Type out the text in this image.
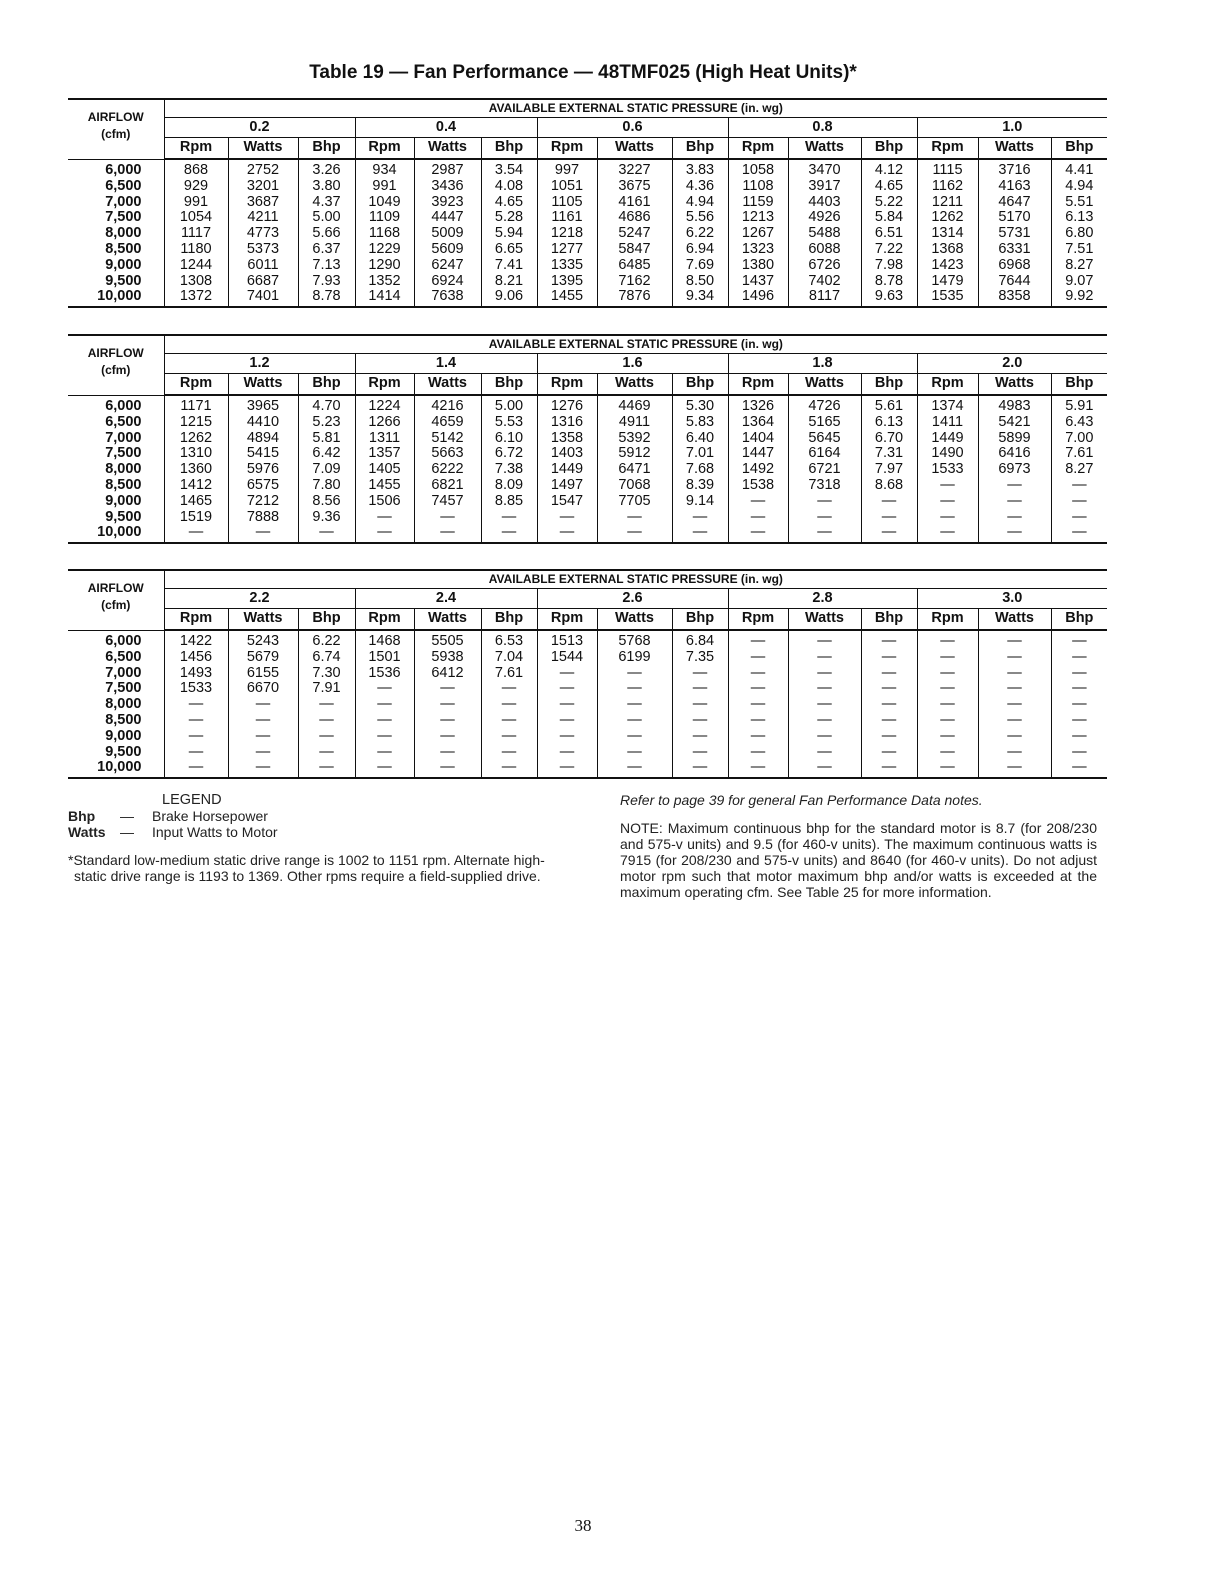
Table 19 — Fan Performance — 48TMF025 (High Heat Units)*
AIRFLOW
(cfm)	AVAILABLE EXTERNAL STATIC PRESSURE (in. wg)														
	0.2			0.4			0.6			0.8			1.0		
	Rpm	Watts	Bhp	Rpm	Watts	Bhp	Rpm	Watts	Bhp	Rpm	Watts	Bhp	Rpm	Watts	Bhp
6,000	868	2752	3.26	934	2987	3.54	997	3227	3.83	1058	3470	4.12	1115	3716	4.41
6,500	929	3201	3.80	991	3436	4.08	1051	3675	4.36	1108	3917	4.65	1162	4163	4.94
7,000	991	3687	4.37	1049	3923	4.65	1105	4161	4.94	1159	4403	5.22	1211	4647	5.51
7,500	1054	4211	5.00	1109	4447	5.28	1161	4686	5.56	1213	4926	5.84	1262	5170	6.13
8,000	1117	4773	5.66	1168	5009	5.94	1218	5247	6.22	1267	5488	6.51	1314	5731	6.80
8,500	1180	5373	6.37	1229	5609	6.65	1277	5847	6.94	1323	6088	7.22	1368	6331	7.51
9,000	1244	6011	7.13	1290	6247	7.41	1335	6485	7.69	1380	6726	7.98	1423	6968	8.27
9,500	1308	6687	7.93	1352	6924	8.21	1395	7162	8.50	1437	7402	8.78	1479	7644	9.07
10,000	1372	7401	8.78	1414	7638	9.06	1455	7876	9.34	1496	8117	9.63	1535	8358	9.92
AIRFLOW
(cfm)	AVAILABLE EXTERNAL STATIC PRESSURE (in. wg)														
	1.2			1.4			1.6			1.8			2.0		
	Rpm	Watts	Bhp	Rpm	Watts	Bhp	Rpm	Watts	Bhp	Rpm	Watts	Bhp	Rpm	Watts	Bhp
6,000	1171	3965	4.70	1224	4216	5.00	1276	4469	5.30	1326	4726	5.61	1374	4983	5.91
6,500	1215	4410	5.23	1266	4659	5.53	1316	4911	5.83	1364	5165	6.13	1411	5421	6.43
7,000	1262	4894	5.81	1311	5142	6.10	1358	5392	6.40	1404	5645	6.70	1449	5899	7.00
7,500	1310	5415	6.42	1357	5663	6.72	1403	5912	7.01	1447	6164	7.31	1490	6416	7.61
8,000	1360	5976	7.09	1405	6222	7.38	1449	6471	7.68	1492	6721	7.97	1533	6973	8.27
8,500	1412	6575	7.80	1455	6821	8.09	1497	7068	8.39	1538	7318	8.68	—	—	—
9,000	1465	7212	8.56	1506	7457	8.85	1547	7705	9.14	—	—	—	—	—	—
9,500	1519	7888	9.36	—	—	—	—	—	—	—	—	—	—	—	—
10,000	—	—	—	—	—	—	—	—	—	—	—	—	—	—	—
AIRFLOW
(cfm)	AVAILABLE EXTERNAL STATIC PRESSURE (in. wg)														
	2.2			2.4			2.6			2.8			3.0		
	Rpm	Watts	Bhp	Rpm	Watts	Bhp	Rpm	Watts	Bhp	Rpm	Watts	Bhp	Rpm	Watts	Bhp
6,000	1422	5243	6.22	1468	5505	6.53	1513	5768	6.84	—	—	—	—	—	—
6,500	1456	5679	6.74	1501	5938	7.04	1544	6199	7.35	—	—	—	—	—	—
7,000	1493	6155	7.30	1536	6412	7.61	—	—	—	—	—	—	—	—	—
7,500	1533	6670	7.91	—	—	—	—	—	—	—	—	—	—	—	—
8,000	—	—	—	—	—	—	—	—	—	—	—	—	—	—	—
8,500	—	—	—	—	—	—	—	—	—	—	—	—	—	—	—
9,000	—	—	—	—	—	—	—	—	—	—	—	—	—	—	—
9,500	—	—	—	—	—	—	—	—	—	—	—	—	—	—	—
10,000	—	—	—	—	—	—	—	—	—	—	—	—	—	—	—
LEGEND
Bhp	—	Brake Horsepower
Watts	—	Input Watts to Motor
*Standard low-medium static drive range is 1002 to 1151 rpm. Alternate high-static drive range is 1193 to 1369. Other rpms require a field-supplied drive.
Refer to page 39 for general Fan Performance Data notes.
NOTE: Maximum continuous bhp for the standard motor is 8.7 (for 208/230 and 575-v units) and 9.5 (for 460-v units). The maximum continuous watts is 7915 (for 208/230 and 575-v units) and 8640 (for 460-v units). Do not adjust motor rpm such that motor maximum bhp and/or watts is exceeded at the maximum operating cfm. See Table 25 for more information.
38
